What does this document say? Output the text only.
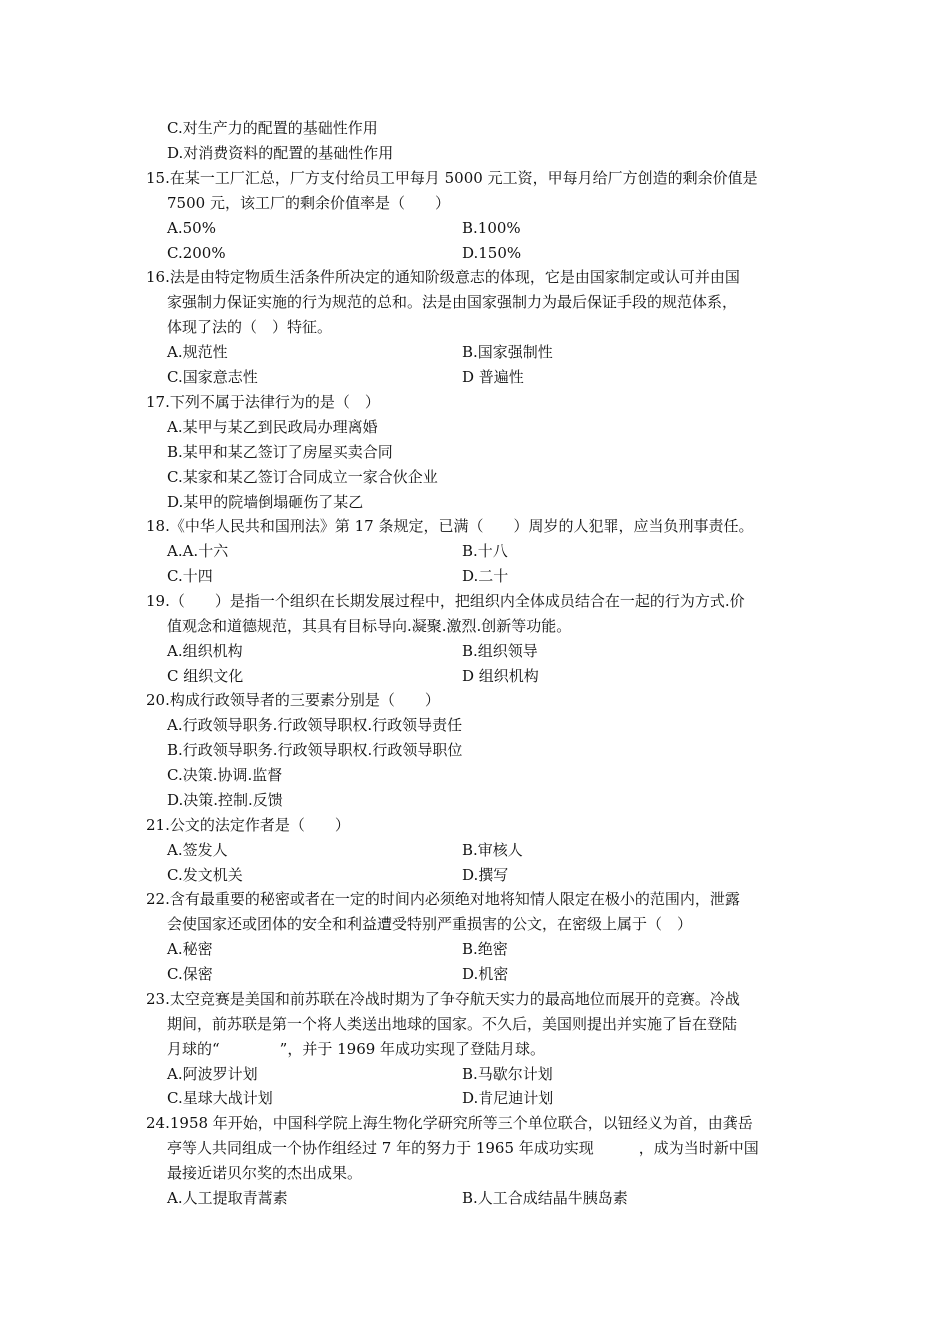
C.对生产力的配置的基础性作用
D.对消费资料的配置的基础性作用
15.在某一工厂汇总，厂方支付给员工甲每月 5000 元工资，甲每月给厂方创造的剩余价值是
7500 元，该工厂的剩余价值率是（　　）
A.50%	B.100%
C.200%	D.150%
16.法是由特定物质生活条件所决定的通知阶级意志的体现，它是由国家制定或认可并由国
家强制力保证实施的行为规范的总和。法是由国家强制力为最后保证手段的规范体系，
体现了法的（　）特征。
A.规范性	B.国家强制性
C.国家意志性	D 普遍性
17.下列不属于法律行为的是（　）
A.某甲与某乙到民政局办理离婚
B.某甲和某乙签订了房屋买卖合同
C.某家和某乙签订合同成立一家合伙企业
D.某甲的院墙倒塌砸伤了某乙
18.《中华人民共和国刑法》第 17 条规定，已满（　　）周岁的人犯罪，应当负刑事责任。
A.A.十六	B.十八
C.十四	D.二十
19.（　　）是指一个组织在长期发展过程中，把组织内全体成员结合在一起的行为方式.价
值观念和道德规范，其具有目标导向.凝聚.激烈.创新等功能。
A.组织机构	B.组织领导
C 组织文化	D 组织机构
20.构成行政领导者的三要素分别是（　　）
A.行政领导职务.行政领导职权.行政领导责任
B.行政领导职务.行政领导职权.行政领导职位
C.决策.协调.监督
D.决策.控制.反馈
21.公文的法定作者是（　　）
A.签发人	B.审核人
C.发文机关	D.撰写
22.含有最重要的秘密或者在一定的时间内必须绝对地将知情人限定在极小的范围内，泄露
会使国家还或团体的安全和利益遭受特别严重损害的公文，在密级上属于（　）
A.秘密	B.绝密
C.保密	D.机密
23.太空竞赛是美国和前苏联在冷战时期为了争夺航天实力的最高地位而展开的竞赛。冷战
期间，前苏联是第一个将人类送出地球的国家。不久后，美国则提出并实施了旨在登陆
月球的“　　　　”，并于 1969 年成功实现了登陆月球。
A.阿波罗计划	B.马歇尔计划
C.星球大战计划	D.肯尼迪计划
24.1958 年开始，中国科学院上海生物化学研究所等三个单位联合，以钮经义为首，由龚岳
亭等人共同组成一个协作组经过 7 年的努力于 1965 年成功实现　　　，成为当时新中国
最接近诺贝尔奖的杰出成果。
A.人工提取青蒿素	B.人工合成结晶牛胰岛素
